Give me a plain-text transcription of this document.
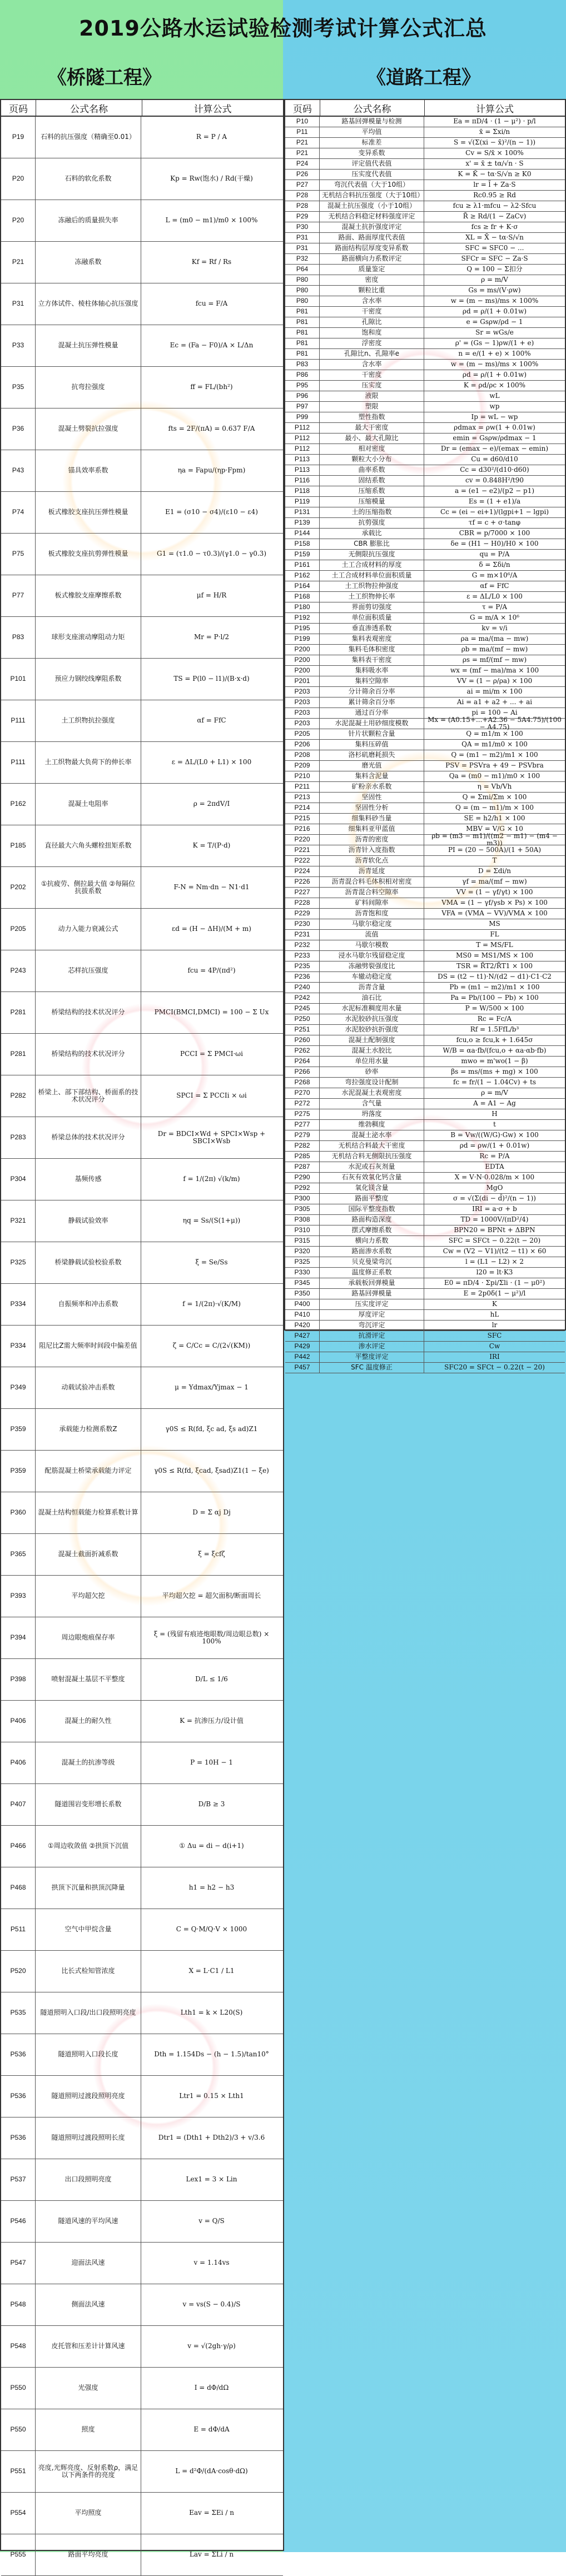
2019公路水运试验检测考试计算公式汇总
《桥隧工程》	《道路工程》
页码	公式名称	计算公式
P19	石料的抗压强度（精确至0.01）	R = P / A
P20	石料的软化系数	Kp = Rw(饱水) / Rd(干燥)
P20	冻融后的质量损失率	L = (m0 − m1)/m0 × 100%
P21	冻融系数	Kf = Rf / Rs
P31	立方体试件、棱柱体轴心抗压强度	fcu = F/A
P33	混凝土抗压弹性模量	Ec = (Fa − F0)/A × L/Δn
P35	抗弯拉强度	ff = FL/(bh²)
P36	混凝土劈裂抗拉强度	fts = 2F/(πA) = 0.637 F/A
P43	锚具效率系数	ηa = Fapu/(ηp·Fpm)
P74	板式橡胶支座抗压弹性模量	E1 = (σ10 − σ4)/(ε10 − ε4)
P75	板式橡胶支座抗剪弹性模量	G1 = (τ1.0 − τ0.3)/(γ1.0 − γ0.3)
P77	板式橡胶支座摩擦系数	μf = H/R
P83	球形支座滚动摩阻动力矩	Mr = P·l/2
P101	预应力钢绞线摩阻系数	TS = P(l0 − l1)/(B·x·d)
P111	土工织物抗拉强度	αf = FfC
P111	土工织物最大负荷下的伸长率	ε = ΔL/(L0 + L1) × 100
P162	混凝土电阻率	ρ = 2πdV/I
P185	直径最大六角头螺栓扭矩系数	K = T/(P·d)
P202	①抗疲劳、侧拉最大值 ②每隔位抗拔系数	F-N = Nm·dn − N1·d1
P205	动力入能力衰减公式	εd = (H − ΔH)/(M + m)
P243	芯样抗压强度	fcu = 4P/(πd²)
P281	桥梁结构的技术状况评分	PMCI(BMCI,DMCI) = 100 − Σ Ux
P281	桥梁结构的技术状况评分	PCCI = Σ PMCI·ωi
P282	桥梁上、部下部结构、桥面系的技术状况评分	SPCI = Σ PCCIi × ωi
P283	桥梁总体的技术状况评分	Dr = BDCI×Wd + SPCI×Wsp + SBCI×Wsb
P304	基频传感	f = 1/(2π) √(k/m)
P321	静载试验效率	ηq = Ss/(S(1+μ))
P325	桥梁静载试验校验系数	ξ = Se/Ss
P334	自振频率和冲击系数	f = 1/(2π)·√(K/M)
P334	阻尼比Z需大频率时间段中偏差值	ζ = C/Cc = C/(2√(KM))
P349	动载试验冲击系数	μ = Ydmax/Yjmax − 1
P359	承载能力检测系数Z	γ0S ≤ R(fd, ξc ad, ξs ad)Z1
P359	配筋混凝土桥梁承载能力评定	γ0S ≤ R(fd, ξcad, ξsad)Z1(1 − ξe)
P360	混凝土结构恒载能力检算系数计算	D = Σ αj Dj
P365	混凝土截面折减系数	ξ = ξcfζ
P393	平均超欠挖	平均超欠挖 = 超欠面积/断面周长
P394	周边眼炮痕保存率	ξ = (残留有痕迹炮眼数/周边眼总数) × 100%
P398	喷射混凝土基层不平整度	D/L ≤ 1/6
P406	混凝土的耐久性	K = 抗渗压力/设计值
P406	混凝土的抗渗等级	P = 10H − 1
P407	隧道围岩变形增长系数	D/B ≥ 3
P466	①周边收敛值 ②拱顶下沉值	① Δu = di − d(i+1)
P468	拱顶下沉量和拱顶沉降量	h1 = h2 − h3
P511	空气中甲烷含量	C = Q·M/Q·V × 1000
P520	比长式检知管浓度	X = L·C1 / L1
P535	隧道照明入口段/出口段照明亮度	Lth1 = k × L20(S)
P536	隧道照明入口段长度	Dth = 1.154Ds − (h − 1.5)/tan10°
P536	隧道照明过渡段照明亮度	Ltr1 = 0.15 × Lth1
P536	隧道照明过渡段照明长度	Dtr1 = (Dth1 + Dth2)/3 + v/3.6
P537	出口段照明亮度	Lex1 = 3 × Lin
P546	隧道风速的平均风速	v = Q/S
P547	迎面法风速	v = 1.14vs
P548	侧面法风速	v = vs(S − 0.4)/S
P548	皮托管和压差计计算风速	v = √(2gh·γ/ρ)
P550	光强度	I = dΦ/dΩ
P550	照度	E = dΦ/dA
P551	亮度,光辉亮度、反射系数ρ，满足以下两条件的亮度	L = d²Φ/(dA·cosθ·dΩ)
P554	平均照度	Eav = ΣEi / n
P555	路面平均亮度	Lav = ΣLi / n
页码	公式名称	计算公式
P10	路基回弹模量与检测	Ea = πD/4 · (1 − μ²) · p/l
P11	平均值	x̄ = Σxi/n
P21	标准差	S = √(Σ(xi − x̄)²/(n − 1))
P21	变异系数	Cv = S/x̄ × 100%
P24	评定值代表值	x' = x̄ ± tα/√n · S
P26	压实度代表值	K = K̄ − tα·S/√n ≥ K0
P27	弯沉代表值（大于10组）	lr = l̄ + Za·S
P28	无机结合料抗压强度（大于10组）	Rc0.95 ≥ Rd
P28	混凝土抗压强度（小于10组）	fcu ≥ λ1·mfcu − λ2·Sfcu
P29	无机结合料稳定材料强度评定	R̄ ≥ Rd/(1 − ZaCv)
P30	混凝土抗折强度评定	fcs ≥ fr + K·σ
P31	路面、路面厚度代表值	XL = X̄ − tα·S/√n
P31	路面结构层厚度变异系数	SFC = SFC0 − ...
P32	路面横向力系数评定	SFCr = SFC − Za·S
P64	质量鉴定	Q = 100 − Σ扣分
P80	密度	ρ = m/V
P80	颗粒比重	Gs = ms/(V·ρw)
P80	含水率	w = (m − ms)/ms × 100%
P81	干密度	ρd = ρ/(1 + 0.01w)
P81	孔隙比	e = Gsρw/ρd − 1
P81	饱和度	Sr = wGs/e
P81	浮密度	ρ' = (Gs − 1)ρw/(1 + e)
P81	孔隙比n、孔隙率e	n = e/(1 + e) × 100%
P83	含水率	w = (m − ms)/ms × 100%
P86	干密度	ρd = ρ/(1 + 0.01w)
P95	压实度	K = ρd/ρc × 100%
P96	液限	wL
P97	塑限	wp
P99	塑性指数	Ip = wL − wp
P112	最大干密度	ρdmax = ρw(1 + 0.01w)
P112	最小、最大孔隙比	emin = Gsρw/ρdmax − 1
P112	相对密度	Dr = (emax − e)/(emax − emin)
P113	颗粒大小分布	Cu = d60/d10
P113	曲率系数	Cc = d30²/(d10·d60)
P116	固结系数	cv = 0.848H²/t90
P118	压缩系数	a = (e1 − e2)/(p2 − p1)
P119	压缩模量	Es = (1 + e1)/a
P131	土的压缩指数	Cc = (ei − ei+1)/(lgpi+1 − lgpi)
P139	抗剪强度	τf = c + σ·tanφ
P144	承载比	CBR = p/7000 × 100
P158	CBR 膨胀比	δe = (H1 − H0)/H0 × 100
P159	无侧限抗压强度	qu = P/A
P161	土工合成材料的厚度	δ = Σδi/n
P162	土工合成材料单位面积质量	G = m×10⁶/A
P164	土工织物拉伸强度	αf = FfC
P168	土工织物伸长率	ε = ΔL/L0 × 100
P180	界面剪切强度	τ = P/A
P192	单位面积质量	G = m/A × 10⁶
P195	垂直渗透系数	kv = v/i
P199	集料表观密度	ρa = ma/(ma − mw)
P200	集料毛体积密度	ρb = ma/(mf − mw)
P200	集料表干密度	ρs = mf/(mf − mw)
P200	集料吸水率	wx = (mf − ma)/ma × 100
P201	集料空隙率	VV = (1 − ρ/ρa) × 100
P203	分计筛余百分率	ai = mi/m × 100
P203	累计筛余百分率	Ai = a1 + a2 + ... + ai
P203	通过百分率	pi = 100 − Ai
P203	水泥混凝土用砂细度模数	Mx = (A0.15+...+A2.36 − 5A4.75)/(100 − A4.75)
P205	针片状颗粒含量	Q = m1/m × 100
P206	集料压碎值	QA = m1/m0 × 100
P208	洛杉矶磨耗损失	Q = (m1 − m2)/m1 × 100
P209	磨光值	PSV = PSVra + 49 − PSVbra
P210	集料含泥量	Qa = (m0 − m1)/m0 × 100
P211	矿粉亲水系数	η = Vb/Vh
P213	坚固性	Q = Σmi/Σm × 100
P214	坚固性分析	Q = (m − m1)/m × 100
P215	细集料砂当量	SE = h2/h1 × 100
P216	细集料亚甲蓝值	MBV = V/G × 10
P220	沥青的密度	ρb = (m3 − m1)/((m2 − m1) − (m4 − m3))
P221	沥青针入度指数	PI = (20 − 500A)/(1 + 50A)
P222	沥青软化点	T
P224	沥青延度	D = Σdi/n
P226	沥青混合料毛体积相对密度	γf = ma/(mf − mw)
P227	沥青混合料空隙率	VV = (1 − γf/γt) × 100
P228	矿料间隙率	VMA = (1 − γf/γsb × Ps) × 100
P229	沥青饱和度	VFA = (VMA − VV)/VMA × 100
P230	马歇尔稳定度	MS
P231	流值	FL
P232	马歇尔模数	T = MS/FL
P233	浸水马歇尔残留稳定度	MS0 = MS1/MS × 100
P235	冻融劈裂强度比	TSR = R̄T2/R̄T1 × 100
P236	车辙动稳定度	DS = (t2 − t1)·N/(d2 − d1)·C1·C2
P240	沥青含量	Pb = (m1 − m2)/m1 × 100
P242	油石比	Pa = Pb/(100 − Pb) × 100
P245	水泥标准稠度用水量	P = W/500 × 100
P250	水泥胶砂抗压强度	Rc = Fc/A
P251	水泥胶砂抗折强度	Rf = 1.5FfL/b³
P260	混凝土配制强度	fcu,o ≥ fcu,k + 1.645σ
P262	混凝土水胶比	W/B = αa·fb/(fcu,o + αa·αb·fb)
P264	单位用水量	mwo = m'wo(1 − β)
P266	砂率	βs = ms/(ms + mg) × 100
P268	弯拉强度设计配制	fc = fr/(1 − 1.04Cv) + ts
P270	水泥混凝土表观密度	ρ = m/V
P272	含气量	A = A1 − Ag
P275	坍落度	H
P277	维勃稠度	t
P279	混凝土泌水率	B = Vw/((W/G)·Gw) × 100
P282	无机结合料最大干密度	ρd = ρw/(1 + 0.01w)
P285	无机结合料无侧限抗压强度	Rc = P/A
P287	水泥或石灰剂量	EDTA
P290	石灰有效氧化钙含量	X = V·N·0.028/m × 100
P292	氧化镁含量	MgO
P300	路面平整度	σ = √(Σ(di − d̄)²/(n − 1))
P305	国际平整度指数	IRI = a·σ + b
P308	路面构造深度	TD = 1000V/(πD²/4)
P310	摆式摩擦系数	BPN20 = BPNt + ΔBPN
P315	横向力系数	SFC = SFCt − 0.22(t − 20)
P320	路面渗水系数	Cw = (V2 − V1)/(t2 − t1) × 60
P325	贝克曼梁弯沉	l = (L1 − L2) × 2
P330	温度修正系数	l20 = lt·K3
P345	承载板回弹模量	E0 = πD/4 · Σpi/Σli · (1 − μ0²)
P350	路基回弹模量	E = 2p0δ(1 − μ²)/l
P400	压实度评定	K
P410	厚度评定	hL
P420	弯沉评定	lr
P427	抗滑评定	SFC
P429	渗水评定	Cw
P442	平整度评定	IRI
P457	SFC 温度修正	SFC20 = SFCt − 0.22(t − 20)
